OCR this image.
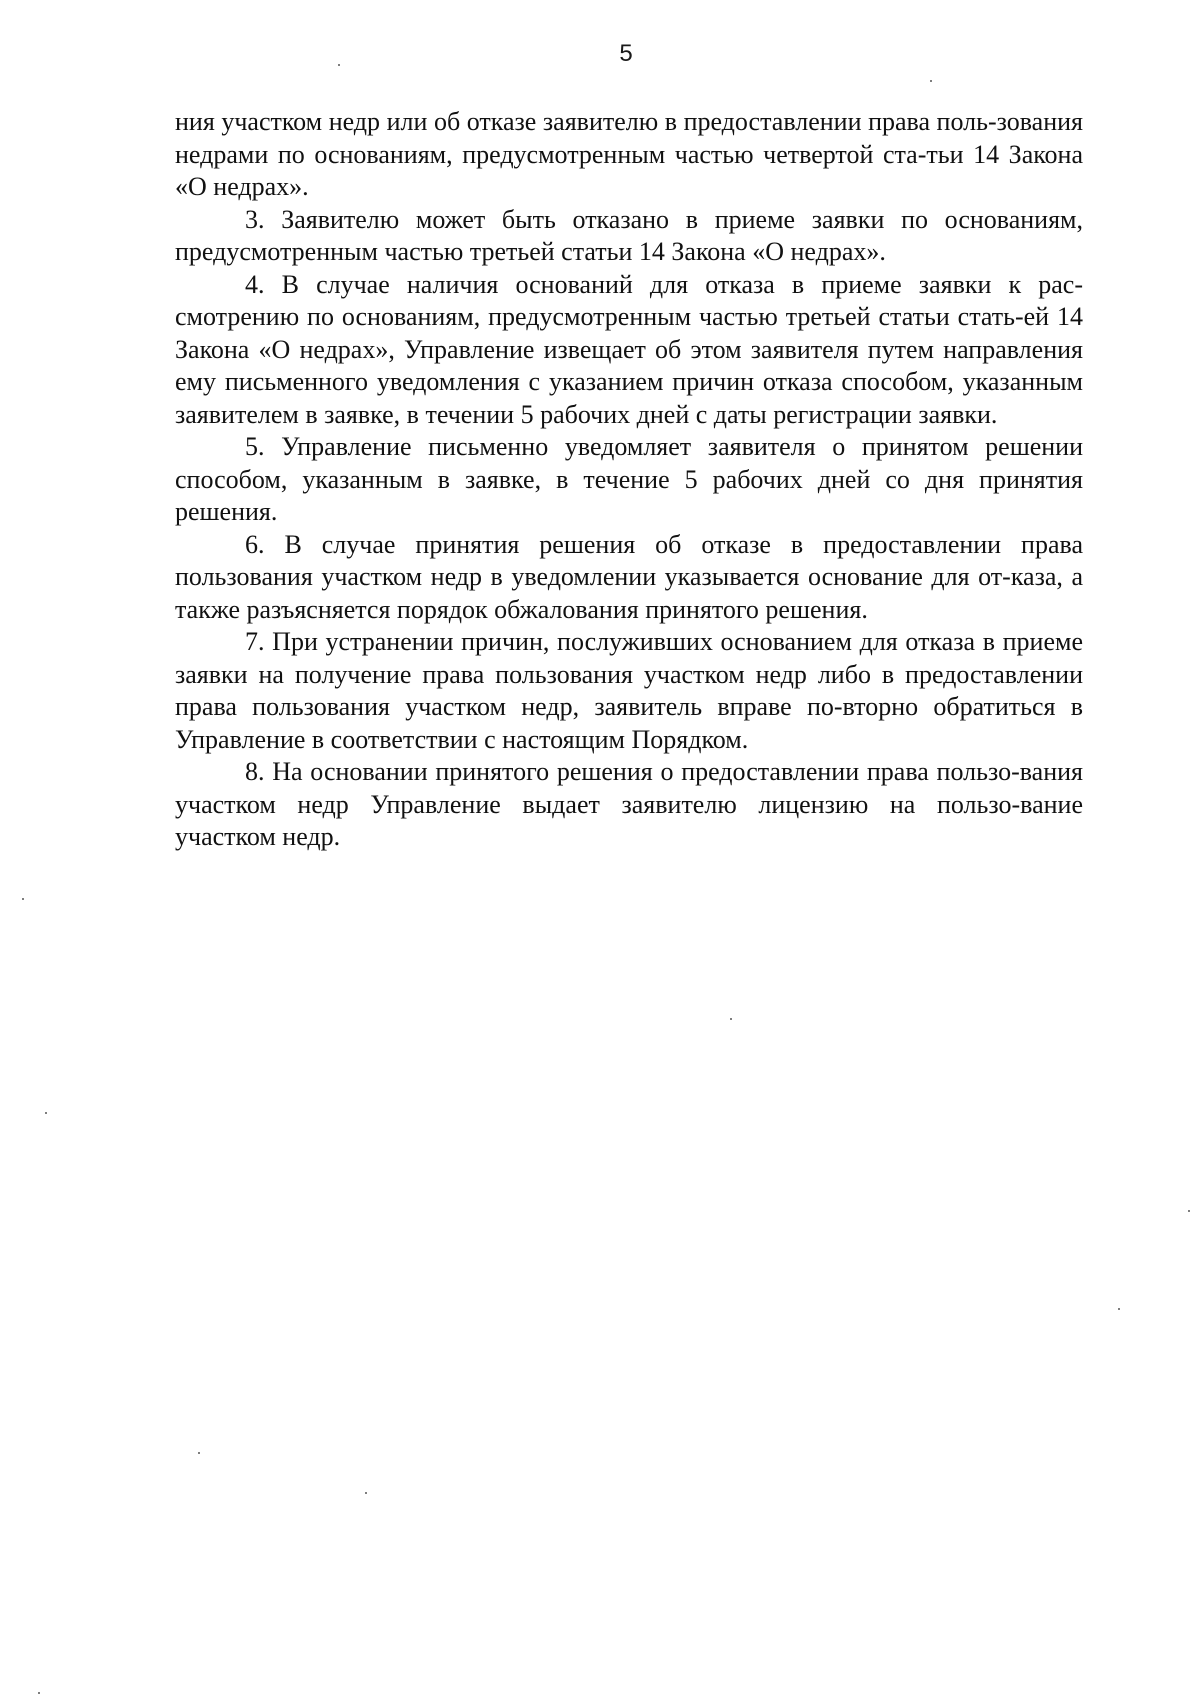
5

ния участком недр или об отказе заявителю в предоставлении права поль-зования недрами по основаниям, предусмотренным частью четвертой ста-тьи 14 Закона «О недрах».

3. Заявителю может быть отказано в приеме заявки по основаниям, предусмотренным частью третьей статьи 14 Закона «О недрах».

4. В случае наличия оснований для отказа в приеме заявки к рас-смотрению по основаниям, предусмотренным частью третьей статьи стать-ей 14 Закона «О недрах», Управление извещает об этом заявителя путем направления ему письменного уведомления с указанием причин отказа способом, указанным заявителем в заявке, в течении 5 рабочих дней с даты регистрации заявки.

5. Управление письменно уведомляет заявителя о принятом решении способом, указанным в заявке, в течение 5 рабочих дней со дня принятия решения.

6. В случае принятия решения об отказе в предоставлении права пользования участком недр в уведомлении указывается основание для от-каза, а также разъясняется порядок обжалования принятого решения.

7. При устранении причин, послуживших основанием для отказа в приеме заявки на получение права пользования участком недр либо в предоставлении права пользования участком недр, заявитель вправе по-вторно обратиться в Управление в соответствии с настоящим Порядком.

8. На основании принятого решения о предоставлении права пользо-вания участком недр Управление выдает заявителю лицензию на пользо-вание участком недр.
